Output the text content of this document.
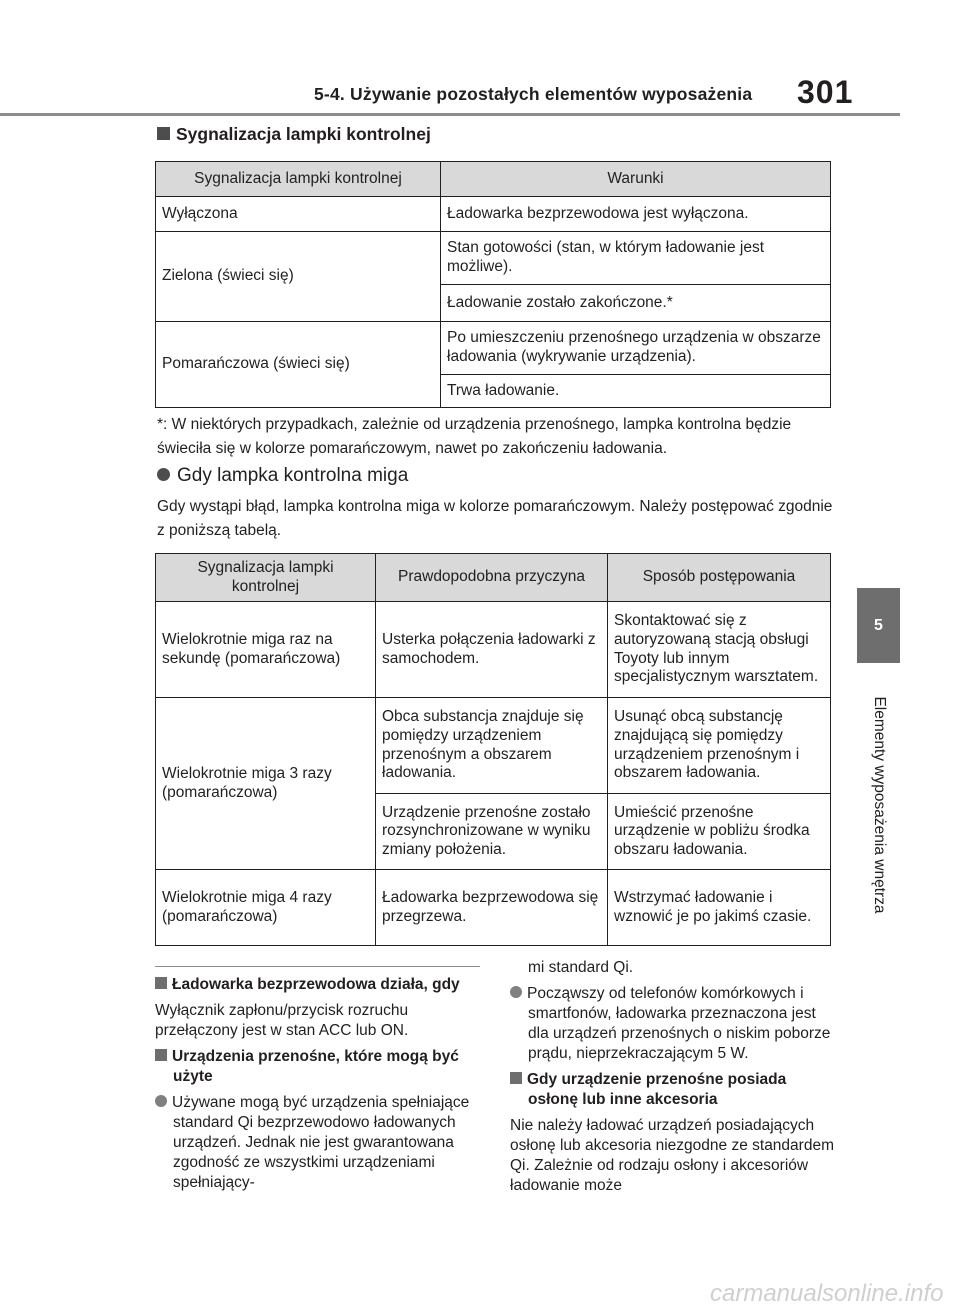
5-4. Używanie pozostałych elementów wyposażenia 301
5
Elementy wyposażenia wnętrza
Sygnalizacja lampki kontrolnej
Sygnalizacja lampki kontrolnej	Warunki
Wyłączona	Ładowarka bezprzewodowa jest wyłączona.
Zielona (świeci się)	Stan gotowości (stan, w którym ładowanie jest możliwe).
	Ładowanie zostało zakończone.*
Pomarańczowa (świeci się)	Po umieszczeniu przenośnego urządzenia w obszarze ładowania (wykrywanie urządzenia).
	Trwa ładowanie.
*: W niektórych przypadkach, zależnie od urządzenia przenośnego, lampka kontrolna będzie świeciła się w kolorze pomarańczowym, nawet po zakończeniu ładowania.
Gdy lampka kontrolna miga
Gdy wystąpi błąd, lampka kontrolna miga w kolorze pomarańczowym. Należy postępować zgodnie z poniższą tabelą.
Sygnalizacja lampki kontrolnej	Prawdopodobna przyczyna	Sposób postępowania
Wielokrotnie miga raz na sekundę (pomarańczowa)	Usterka połączenia ładowarki z samochodem.	Skontaktować się z autoryzowaną stacją obsługi Toyoty lub innym specjalistycznym warsztatem.
Wielokrotnie miga 3 razy (pomarańczowa)	Obca substancja znajduje się pomiędzy urządzeniem przenośnym a obszarem ładowania.	Usunąć obcą substancję znajdującą się pomiędzy urządzeniem przenośnym i obszarem ładowania.
	Urządzenie przenośne zostało rozsynchronizowane w wyniku zmiany położenia.	Umieścić przenośne urządzenie w pobliżu środka obszaru ładowania.
Wielokrotnie miga 4 razy (pomarańczowa)	Ładowarka bezprzewodowa się przegrzewa.	Wstrzymać ładowanie i wznowić je po jakimś czasie.

Ładowarka bezprzewodowa działa, gdy

Wyłącznik zapłonu/przycisk rozruchu przełączony jest w stan ACC lub ON.

Urządzenia przenośne, które mogą być użyte

Używane mogą być urządzenia spełniające standard Qi bezprzewodowo ładowanych urządzeń. Jednak nie jest gwarantowana zgodność ze wszystkimi urządzeniami spełniający-

mi standard Qi.

Począwszy od telefonów komórkowych i smartfonów, ładowarka przeznaczona jest dla urządzeń przenośnych o niskim poborze prądu, nieprzekraczającym 5 W.

Gdy urządzenie przenośne posiada osłonę lub inne akcesoria

Nie należy ładować urządzeń posiadających osłonę lub akcesoria niezgodne ze standardem Qi. Zależnie od rodzaju osłony i akcesoriów ładowanie może

carmanualsonline.info
